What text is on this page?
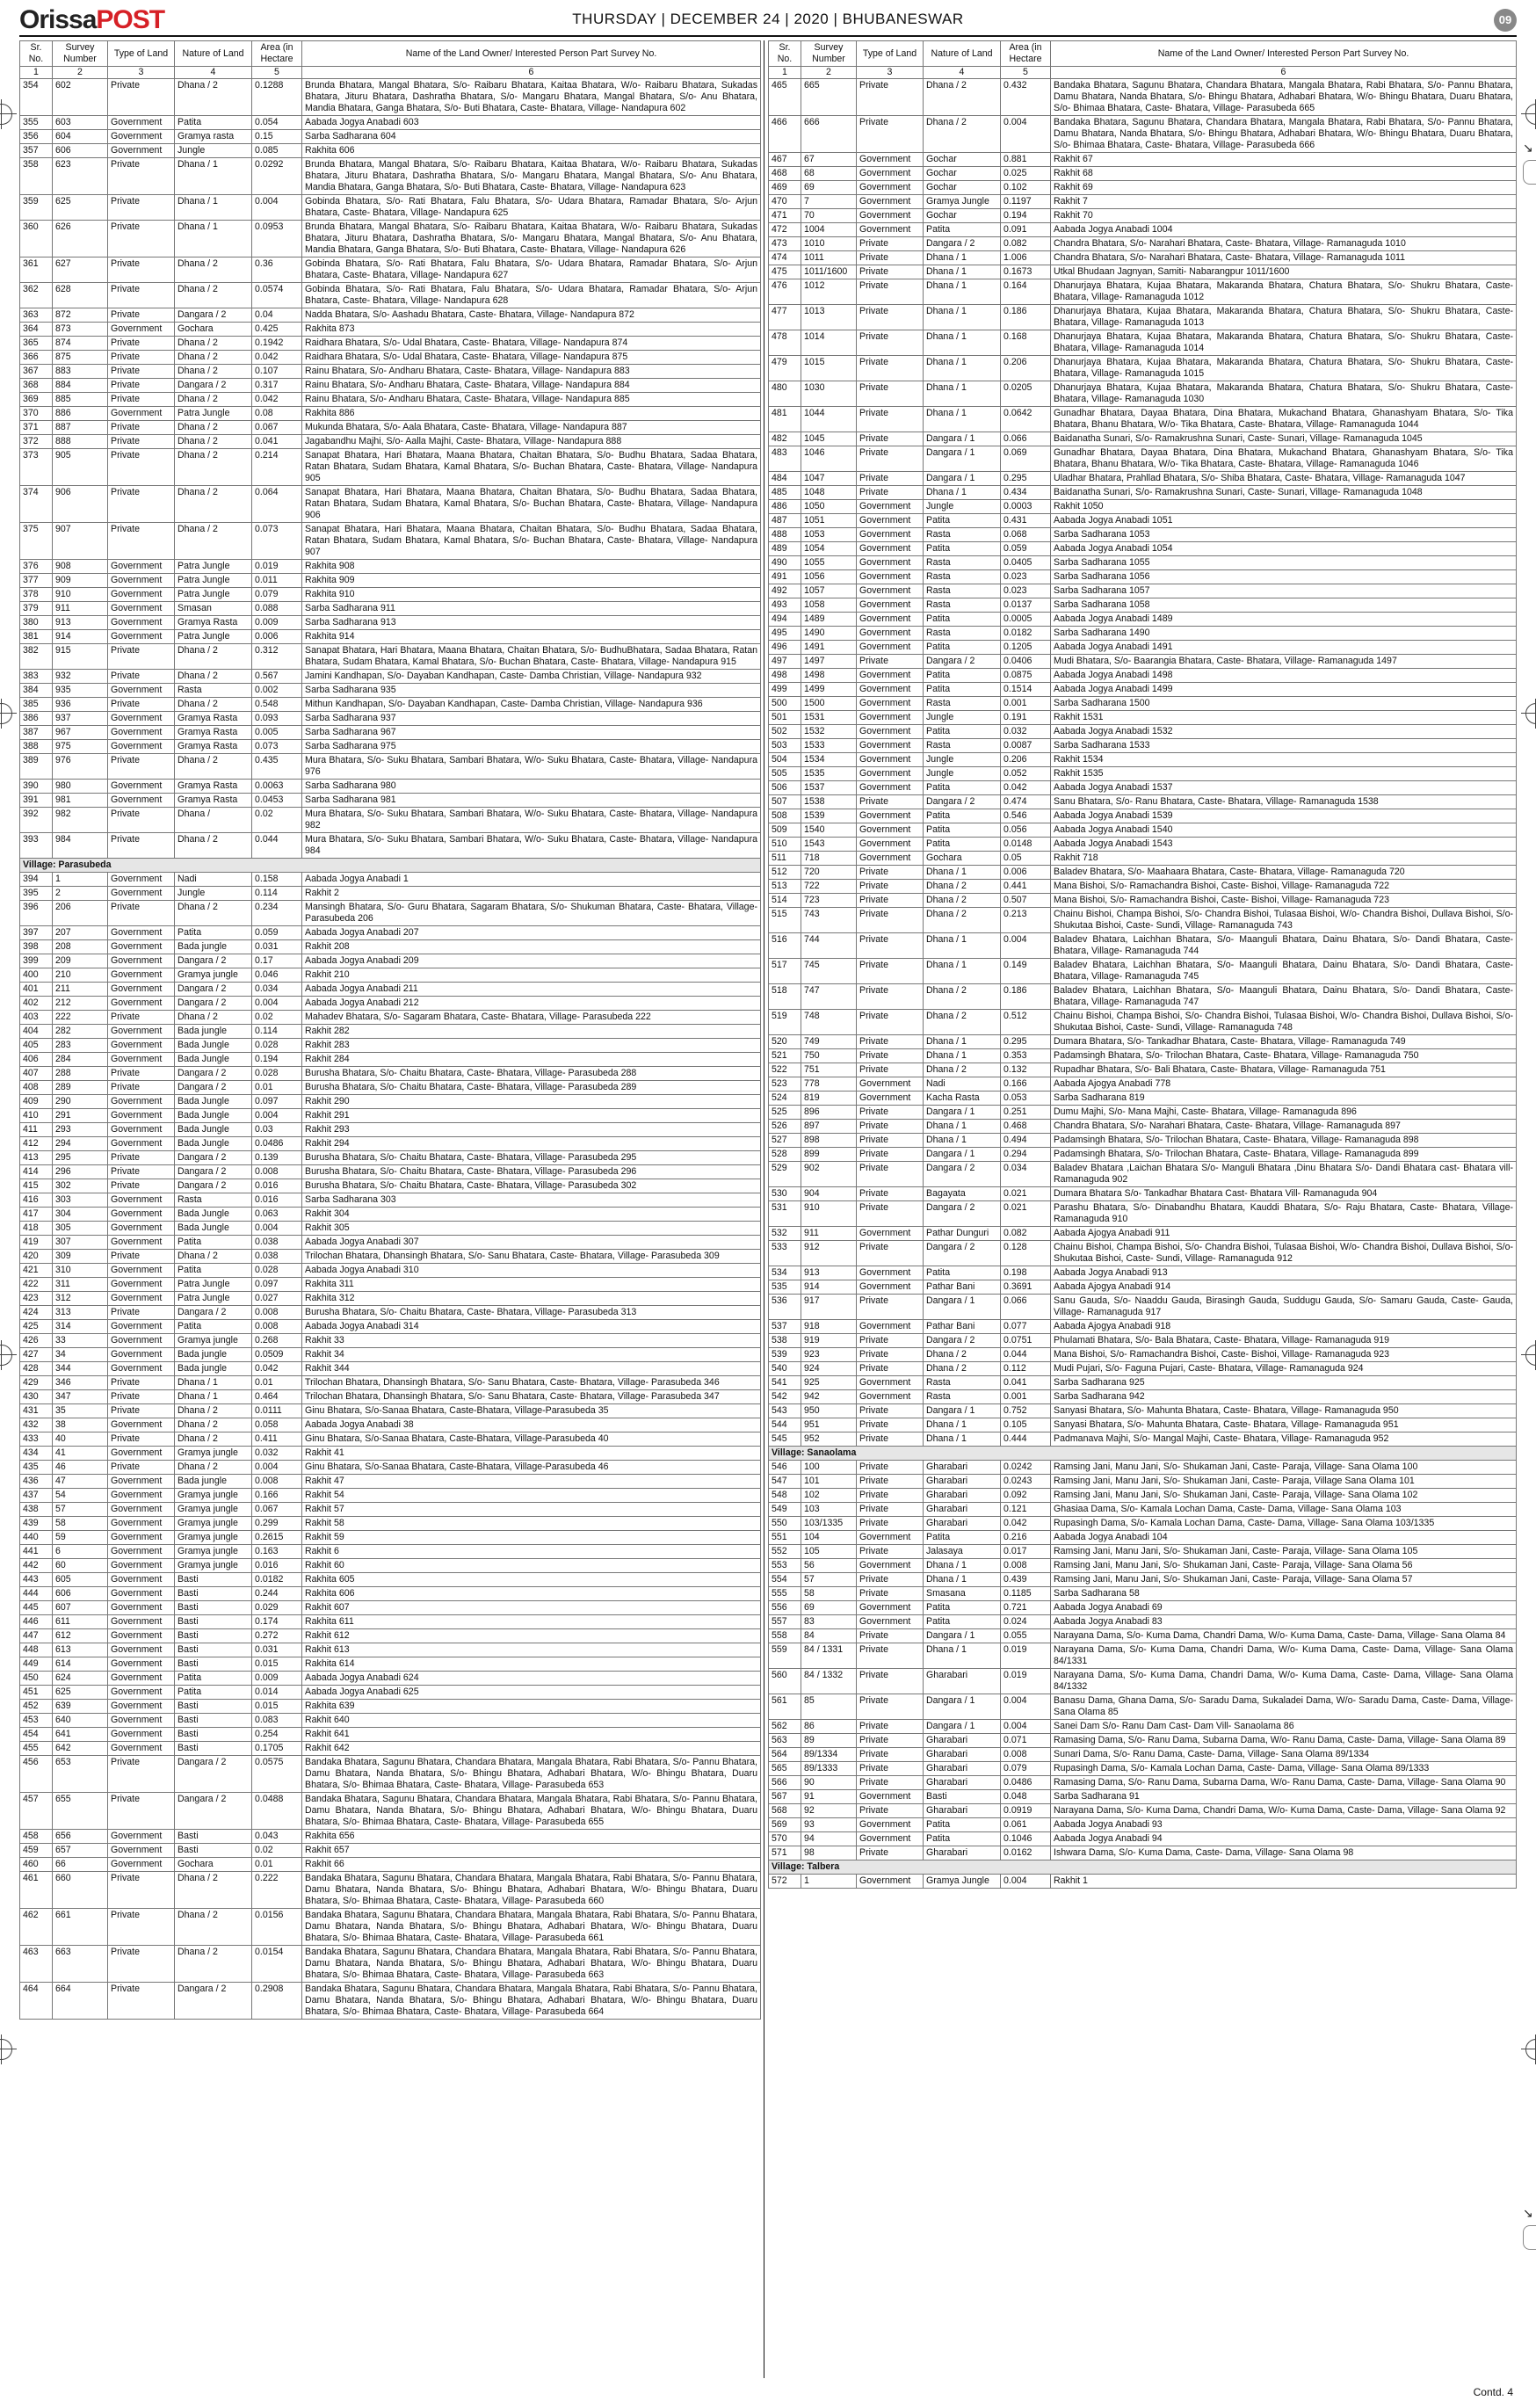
OrissaPOST	THURSDAY | DECEMBER 24 | 2020 | BHUBANESWAR	09
Sr. No.	Survey Number	Type of Land	Nature of Land	Area (in Hectare	Name of the Land Owner/ Interested Person Part Survey No.
1	2	3	4	5	6
354	602	Private	Dhana / 2	0.1288	Brunda Bhatara, Mangal Bhatara, S/o- Raibaru Bhatara, Kaitaa Bhatara, W/o- Raibaru Bhatara, Sukadas Bhatara, Jituru Bhatara, Dashratha Bhatara, S/o- Mangaru Bhatara, Mangal Bhatara, S/o- Anu Bhatara, Mandia Bhatara, Ganga Bhatara, S/o- Buti Bhatara, Caste- Bhatara, Village- Nandapura 602
355	603	Government	Patita	0.054	Aabada Jogya Anabadi 603
356	604	Government	Gramya rasta	0.15	Sarba Sadharana 604
357	606	Government	Jungle	0.085	Rakhita 606
358	623	Private	Dhana / 1	0.0292	Brunda Bhatara, Mangal Bhatara, S/o- Raibaru Bhatara, Kaitaa Bhatara, W/o- Raibaru Bhatara, Sukadas Bhatara, Jituru Bhatara, Dashratha Bhatara, S/o- Mangaru Bhatara, Mangal Bhatara, S/o- Anu Bhatara, Mandia Bhatara, Ganga Bhatara, S/o- Buti Bhatara, Caste- Bhatara, Village- Nandapura 623
359	625	Private	Dhana / 1	0.004	Gobinda Bhatara, S/o- Rati Bhatara, Falu Bhatara, S/o- Udara Bhatara, Ramadar Bhatara, S/o- Arjun Bhatara, Caste- Bhatara, Village- Nandapura 625
360	626	Private	Dhana / 1	0.0953	Brunda Bhatara, Mangal Bhatara, S/o- Raibaru Bhatara, Kaitaa Bhatara, W/o- Raibaru Bhatara, Sukadas Bhatara, Jituru Bhatara, Dashratha Bhatara, S/o- Mangaru Bhatara, Mangal Bhatara, S/o- Anu Bhatara, Mandia Bhatara, Ganga Bhatara, S/o- Buti Bhatara, Caste- Bhatara, Village- Nandapura 626
361	627	Private	Dhana / 2	0.36	Gobinda Bhatara, S/o- Rati Bhatara, Falu Bhatara, S/o- Udara Bhatara, Ramadar Bhatara, S/o- Arjun Bhatara, Caste- Bhatara, Village- Nandapura 627
362	628	Private	Dhana / 2	0.0574	Gobinda Bhatara, S/o- Rati Bhatara, Falu Bhatara, S/o- Udara Bhatara, Ramadar Bhatara, S/o- Arjun Bhatara, Caste- Bhatara, Village- Nandapura 628
363	872	Private	Dangara / 2	0.04	Nadda Bhatara, S/o- Aashadu Bhatara, Caste- Bhatara, Village- Nandapura 872
364	873	Government	Gochara	0.425	Rakhita 873
365	874	Private	Dhana / 2	0.1942	Raidhara Bhatara, S/o- Udal Bhatara, Caste- Bhatara, Village- Nandapura 874
366	875	Private	Dhana / 2	0.042	Raidhara Bhatara, S/o- Udal Bhatara, Caste- Bhatara, Village- Nandapura 875
367	883	Private	Dhana / 2	0.107	Rainu Bhatara, S/o- Andharu Bhatara, Caste- Bhatara, Village- Nandapura 883
368	884	Private	Dangara / 2	0.317	Rainu Bhatara, S/o- Andharu Bhatara, Caste- Bhatara, Village- Nandapura 884
369	885	Private	Dhana / 2	0.042	Rainu Bhatara, S/o- Andharu Bhatara, Caste- Bhatara, Village- Nandapura 885
370	886	Government	Patra Jungle	0.08	Rakhita 886
371	887	Private	Dhana / 2	0.067	Mukunda Bhatara, S/o- Aala Bhatara, Caste- Bhatara, Village- Nandapura 887
372	888	Private	Dhana / 2	0.041	Jagabandhu Majhi, S/o- Aalla Majhi, Caste- Bhatara, Village- Nandapura 888
373	905	Private	Dhana / 2	0.214	Sanapat Bhatara, Hari Bhatara, Maana Bhatara, Chaitan Bhatara, S/o- Budhu Bhatara, Sadaa Bhatara, Ratan Bhatara, Sudam Bhatara, Kamal Bhatara, S/o- Buchan Bhatara, Caste- Bhatara, Village- Nandapura 905
374	906	Private	Dhana / 2	0.064	Sanapat Bhatara, Hari Bhatara, Maana Bhatara, Chaitan Bhatara, S/o- Budhu Bhatara, Sadaa Bhatara, Ratan Bhatara, Sudam Bhatara, Kamal Bhatara, S/o- Buchan Bhatara, Caste- Bhatara, Village- Nandapura 906
375	907	Private	Dhana / 2	0.073	Sanapat Bhatara, Hari Bhatara, Maana Bhatara, Chaitan Bhatara, S/o- Budhu Bhatara, Sadaa Bhatara, Ratan Bhatara, Sudam Bhatara, Kamal Bhatara, S/o- Buchan Bhatara, Caste- Bhatara, Village- Nandapura 907
376	908	Government	Patra Jungle	0.019	Rakhita 908
377	909	Government	Patra Jungle	0.011	Rakhita 909
378	910	Government	Patra Jungle	0.079	Rakhita 910
379	911	Government	Smasan	0.088	Sarba Sadharana 911
380	913	Government	Gramya Rasta	0.009	Sarba Sadharana 913
381	914	Government	Patra Jungle	0.006	Rakhita 914
382	915	Private	Dhana / 2	0.312	Sanapat Bhatara, Hari Bhatara, Maana Bhatara, Chaitan Bhatara, S/o- BudhuBhatara, Sadaa Bhatara, Ratan Bhatara, Sudam Bhatara, Kamal Bhatara, S/o- Buchan Bhatara, Caste- Bhatara, Village- Nandapura 915
383	932	Private	Dhana / 2	0.567	Jamini Kandhapan, S/o- Dayaban Kandhapan, Caste- Damba Christian, Village- Nandapura 932
384	935	Government	Rasta	0.002	Sarba Sadharana 935
385	936	Private	Dhana / 2	0.548	Mithun Kandhapan, S/o- Dayaban Kandhapan, Caste- Damba Christian, Village- Nandapura 936
386	937	Government	Gramya Rasta	0.093	Sarba Sadharana 937
387	967	Government	Gramya Rasta	0.005	Sarba Sadharana 967
388	975	Government	Gramya Rasta	0.073	Sarba Sadharana 975
389	976	Private	Dhana / 2	0.435	Mura Bhatara, S/o- Suku Bhatara, Sambari Bhatara, W/o- Suku Bhatara, Caste- Bhatara, Village- Nandapura 976
390	980	Government	Gramya Rasta	0.0063	Sarba Sadharana 980
391	981	Government	Gramya Rasta	0.0453	Sarba Sadharana 981
392	982	Private	Dhana /	0.02	Mura Bhatara, S/o- Suku Bhatara, Sambari Bhatara, W/o- Suku Bhatara, Caste- Bhatara, Village- Nandapura 982
393	984	Private	Dhana / 2	0.044	Mura Bhatara, S/o- Suku Bhatara, Sambari Bhatara, W/o- Suku Bhatara, Caste- Bhatara, Village- Nandapura 984
Village: Parasubeda					
394	1	Government	Nadi	0.158	Aabada Jogya Anabadi 1
395	2	Government	Jungle	0.114	Rakhit 2
396	206	Private	Dhana / 2	0.234	Mansingh Bhatara, S/o- Guru Bhatara, Sagaram Bhatara, S/o- Shukuman Bhatara, Caste- Bhatara, Village- Parasubeda 206
397	207	Government	Patita	0.059	Aabada Jogya Anabadi 207
398	208	Government	Bada jungle	0.031	Rakhit 208
399	209	Government	Dangara / 2	0.17	Aabada Jogya Anabadi 209
400	210	Government	Gramya jungle	0.046	Rakhit 210
401	211	Government	Dangara / 2	0.034	Aabada Jogya Anabadi 211
402	212	Government	Dangara / 2	0.004	Aabada Jogya Anabadi 212
403	222	Private	Dhana / 2	0.02	Mahadev Bhatara, S/o- Sagaram Bhatara, Caste- Bhatara, Village- Parasubeda 222
404	282	Government	Bada jungle	0.114	Rakhit 282
405	283	Government	Bada Jungle	0.028	Rakhit 283
406	284	Government	Bada Jungle	0.194	Rakhit 284
407	288	Private	Dangara / 2	0.028	Burusha Bhatara, S/o- Chaitu Bhatara, Caste- Bhatara, Village- Parasubeda 288
408	289	Private	Dangara / 2	0.01	Burusha Bhatara, S/o- Chaitu Bhatara, Caste- Bhatara, Village- Parasubeda 289
409	290	Government	Bada Jungle	0.097	Rakhit 290
410	291	Government	Bada Jungle	0.004	Rakhit 291
411	293	Government	Bada Jungle	0.03	Rakhit 293
412	294	Government	Bada Jungle	0.0486	Rakhit 294
413	295	Private	Dangara / 2	0.139	Burusha Bhatara, S/o- Chaitu Bhatara, Caste- Bhatara, Village- Parasubeda 295
414	296	Private	Dangara / 2	0.008	Burusha Bhatara, S/o- Chaitu Bhatara, Caste- Bhatara, Village- Parasubeda 296
415	302	Private	Dangara / 2	0.016	Burusha Bhatara, S/o- Chaitu Bhatara, Caste- Bhatara, Village- Parasubeda 302
416	303	Government	Rasta	0.016	Sarba Sadharana 303
417	304	Government	Bada Jungle	0.063	Rakhit 304
418	305	Government	Bada Jungle	0.004	Rakhit 305
419	307	Government	Patita	0.038	Aabada Jogya Anabadi 307
420	309	Private	Dhana / 2	0.038	Trilochan Bhatara, Dhansingh Bhatara, S/o- Sanu Bhatara, Caste- Bhatara, Village- Parasubeda 309
421	310	Government	Patita	0.028	Aabada Jogya Anabadi 310
422	311	Government	Patra Jungle	0.097	Rakhita 311
423	312	Government	Patra Jungle	0.027	Rakhita 312
424	313	Private	Dangara / 2	0.008	Burusha Bhatara, S/o- Chaitu Bhatara, Caste- Bhatara, Village- Parasubeda 313
425	314	Government	Patita	0.008	Aabada Jogya Anabadi 314
426	33	Government	Gramya jungle	0.268	Rakhit 33
427	34	Government	Bada jungle	0.0509	Rakhit 34
428	344	Government	Bada jungle	0.042	Rakhit 344
429	346	Private	Dhana / 1	0.01	Trilochan Bhatara, Dhansingh Bhatara, S/o- Sanu Bhatara, Caste- Bhatara, Village- Parasubeda 346
430	347	Private	Dhana / 1	0.464	Trilochan Bhatara, Dhansingh Bhatara, S/o- Sanu Bhatara, Caste- Bhatara, Village- Parasubeda 347
431	35	Private	Dhana / 2	0.0111	Ginu Bhatara, S/o-Sanaa Bhatara, Caste-Bhatara, Village-Parasubeda 35
432	38	Government	Dhana / 2	0.058	Aabada Jogya Anabadi 38
433	40	Private	Dhana / 2	0.411	Ginu Bhatara, S/o-Sanaa Bhatara, Caste-Bhatara, Village-Parasubeda 40
434	41	Government	Gramya jungle	0.032	Rakhit 41
435	46	Private	Dhana / 2	0.004	Ginu Bhatara, S/o-Sanaa Bhatara, Caste-Bhatara, Village-Parasubeda 46
436	47	Government	Bada jungle	0.008	Rakhit 47
437	54	Government	Gramya jungle	0.166	Rakhit 54
438	57	Government	Gramya jungle	0.067	Rakhit 57
439	58	Government	Gramya jungle	0.299	Rakhit 58
440	59	Government	Gramya jungle	0.2615	Rakhit 59
441	6	Government	Gramya jungle	0.163	Rakhit 6
442	60	Government	Gramya jungle	0.016	Rakhit 60
443	605	Government	Basti	0.0182	Rakhita 605
444	606	Government	Basti	0.244	Rakhita 606
445	607	Government	Basti	0.029	Rakhit 607
446	611	Government	Basti	0.174	Rakhita 611
447	612	Government	Basti	0.272	Rakhit 612
448	613	Government	Basti	0.031	Rakhit 613
449	614	Government	Basti	0.015	Rakhita 614
450	624	Government	Patita	0.009	Aabada Jogya Anabadi 624
451	625	Government	Patita	0.014	Aabada Jogya Anabadi 625
452	639	Government	Basti	0.015	Rakhita 639
453	640	Government	Basti	0.083	Rakhit 640
454	641	Government	Basti	0.254	Rakhit 641
455	642	Government	Basti	0.1705	Rakhit 642
456	653	Private	Dangara / 2	0.0575	Bandaka Bhatara, Sagunu Bhatara, Chandara Bhatara, Mangala Bhatara, Rabi Bhatara, S/o- Pannu Bhatara, Damu Bhatara, Nanda Bhatara, S/o- Bhingu Bhatara, Adhabari Bhatara, W/o- Bhingu Bhatara, Duaru Bhatara, S/o- Bhimaa Bhatara, Caste- Bhatara, Village- Parasubeda 653
457	655	Private	Dangara / 2	0.0488	Bandaka Bhatara, Sagunu Bhatara, Chandara Bhatara, Mangala Bhatara, Rabi Bhatara, S/o- Pannu Bhatara, Damu Bhatara, Nanda Bhatara, S/o- Bhingu Bhatara, Adhabari Bhatara, W/o- Bhingu Bhatara, Duaru Bhatara, S/o- Bhimaa Bhatara, Caste- Bhatara, Village- Parasubeda 655
458	656	Government	Basti	0.043	Rakhita 656
459	657	Government	Basti	0.02	Rakhit 657
460	66	Government	Gochara	0.01	Rakhit 66
461	660	Private	Dhana / 2	0.222	Bandaka Bhatara, Sagunu Bhatara, Chandara Bhatara, Mangala Bhatara, Rabi Bhatara, S/o- Pannu Bhatara, Damu Bhatara, Nanda Bhatara, S/o- Bhingu Bhatara, Adhabari Bhatara, W/o- Bhingu Bhatara, Duaru Bhatara, S/o- Bhimaa Bhatara, Caste- Bhatara, Village- Parasubeda 660
462	661	Private	Dhana / 2	0.0156	Bandaka Bhatara, Sagunu Bhatara, Chandara Bhatara, Mangala Bhatara, Rabi Bhatara, S/o- Pannu Bhatara, Damu Bhatara, Nanda Bhatara, S/o- Bhingu Bhatara, Adhabari Bhatara, W/o- Bhingu Bhatara, Duaru Bhatara, S/o- Bhimaa Bhatara, Caste- Bhatara, Village- Parasubeda 661
463	663	Private	Dhana / 2	0.0154	Bandaka Bhatara, Sagunu Bhatara, Chandara Bhatara, Mangala Bhatara, Rabi Bhatara, S/o- Pannu Bhatara, Damu Bhatara, Nanda Bhatara, S/o- Bhingu Bhatara, Adhabari Bhatara, W/o- Bhingu Bhatara, Duaru Bhatara, S/o- Bhimaa Bhatara, Caste- Bhatara, Village- Parasubeda 663
464	664	Private	Dangara / 2	0.2908	Bandaka Bhatara, Sagunu Bhatara, Chandara Bhatara, Mangala Bhatara, Rabi Bhatara, S/o- Pannu Bhatara, Damu Bhatara, Nanda Bhatara, S/o- Bhingu Bhatara, Adhabari Bhatara, W/o- Bhingu Bhatara, Duaru Bhatara, S/o- Bhimaa Bhatara, Caste- Bhatara, Village- Parasubeda 664
Sr. No.	Survey Number	Type of Land	Nature of Land	Area (in Hectare	Name of the Land Owner/ Interested Person Part Survey No.
1	2	3	4	5	6
465	665	Private	Dhana / 2	0.432	Bandaka Bhatara, Sagunu Bhatara, Chandara Bhatara, Mangala Bhatara, Rabi Bhatara, S/o- Pannu Bhatara, Damu Bhatara, Nanda Bhatara, S/o- Bhingu Bhatara, Adhabari Bhatara, W/o- Bhingu Bhatara, Duaru Bhatara, S/o- Bhimaa Bhatara, Caste- Bhatara, Village- Parasubeda 665
466	666	Private	Dhana / 2	0.004	Bandaka Bhatara, Sagunu Bhatara, Chandara Bhatara, Mangala Bhatara, Rabi Bhatara, S/o- Pannu Bhatara, Damu Bhatara, Nanda Bhatara, S/o- Bhingu Bhatara, Adhabari Bhatara, W/o- Bhingu Bhatara, Duaru Bhatara, S/o- Bhimaa Bhatara, Caste- Bhatara, Village- Parasubeda 666
467	67	Government	Gochar	0.881	Rakhit 67
468	68	Government	Gochar	0.025	Rakhit 68
469	69	Government	Gochar	0.102	Rakhit 69
470	7	Government	Gramya Jungle	0.1197	Rakhit 7
471	70	Government	Gochar	0.194	Rakhit 70
472	1004	Government	Patita	0.091	Aabada Jogya Anabadi 1004
473	1010	Private	Dangara / 2	0.082	Chandra Bhatara, S/o- Narahari Bhatara, Caste- Bhatara, Village- Ramanaguda 1010
474	1011	Private	Dhana / 1	1.006	Chandra Bhatara, S/o- Narahari Bhatara, Caste- Bhatara, Village- Ramanaguda 1011
475	1011/1600	Private	Dhana / 1	0.1673	Utkal Bhudaan Jagnyan, Samiti- Nabarangpur 1011/1600
476	1012	Private	Dhana / 1	0.164	Dhanurjaya Bhatara, Kujaa Bhatara, Makaranda Bhatara, Chatura Bhatara, S/o- Shukru Bhatara, Caste- Bhatara, Village- Ramanaguda 1012
477	1013	Private	Dhana / 1	0.186	Dhanurjaya Bhatara, Kujaa Bhatara, Makaranda Bhatara, Chatura Bhatara, S/o- Shukru Bhatara, Caste- Bhatara, Village- Ramanaguda 1013
478	1014	Private	Dhana / 1	0.168	Dhanurjaya Bhatara, Kujaa Bhatara, Makaranda Bhatara, Chatura Bhatara, S/o- Shukru Bhatara, Caste- Bhatara, Village- Ramanaguda 1014
479	1015	Private	Dhana / 1	0.206	Dhanurjaya Bhatara, Kujaa Bhatara, Makaranda Bhatara, Chatura Bhatara, S/o- Shukru Bhatara, Caste- Bhatara, Village- Ramanaguda 1015
480	1030	Private	Dhana / 1	0.0205	Dhanurjaya Bhatara, Kujaa Bhatara, Makaranda Bhatara, Chatura Bhatara, S/o- Shukru Bhatara, Caste- Bhatara, Village- Ramanaguda 1030
481	1044	Private	Dhana / 1	0.0642	Gunadhar Bhatara, Dayaa Bhatara, Dina Bhatara, Mukachand Bhatara, Ghanashyam Bhatara, S/o- Tika Bhatara, Bhanu Bhatara, W/o- Tika Bhatara, Caste- Bhatara, Village- Ramanaguda 1044
482	1045	Private	Dangara / 1	0.066	Baidanatha Sunari, S/o- Ramakrushna Sunari, Caste- Sunari, Village- Ramanaguda 1045
483	1046	Private	Dangara / 1	0.069	Gunadhar Bhatara, Dayaa Bhatara, Dina Bhatara, Mukachand Bhatara, Ghanashyam Bhatara, S/o- Tika Bhatara, Bhanu Bhatara, W/o- Tika Bhatara, Caste- Bhatara, Village- Ramanaguda 1046
484	1047	Private	Dangara / 1	0.295	Uladhar Bhatara, Prahllad Bhatara, S/o- Shiba Bhatara, Caste- Bhatara, Village- Ramanaguda 1047
485	1048	Private	Dhana / 1	0.434	Baidanatha Sunari, S/o- Ramakrushna Sunari, Caste- Sunari, Village- Ramanaguda 1048
486	1050	Government	Jungle	0.0003	Rakhit 1050
487	1051	Government	Patita	0.431	Aabada Jogya Anabadi 1051
488	1053	Government	Rasta	0.068	Sarba Sadharana 1053
489	1054	Government	Patita	0.059	Aabada Jogya Anabadi 1054
490	1055	Government	Rasta	0.0405	Sarba Sadharana 1055
491	1056	Government	Rasta	0.023	Sarba Sadharana 1056
492	1057	Government	Rasta	0.023	Sarba Sadharana 1057
493	1058	Government	Rasta	0.0137	Sarba Sadharana 1058
494	1489	Government	Patita	0.0005	Aabada Jogya Anabadi 1489
495	1490	Government	Rasta	0.0182	Sarba Sadharana 1490
496	1491	Government	Patita	0.1205	Aabada Jogya Anabadi 1491
497	1497	Private	Dangara / 2	0.0406	Mudi Bhatara, S/o- Baarangia Bhatara, Caste- Bhatara, Village- Ramanaguda 1497
498	1498	Government	Patita	0.0875	Aabada Jogya Anabadi 1498
499	1499	Government	Patita	0.1514	Aabada Jogya Anabadi 1499
500	1500	Government	Rasta	0.001	Sarba Sadharana 1500
501	1531	Government	Jungle	0.191	Rakhit 1531
502	1532	Government	Patita	0.032	Aabada Jogya Anabadi 1532
503	1533	Government	Rasta	0.0087	Sarba Sadharana 1533
504	1534	Government	Jungle	0.206	Rakhit 1534
505	1535	Government	Jungle	0.052	Rakhit 1535
506	1537	Government	Patita	0.042	Aabada Jogya Anabadi 1537
507	1538	Private	Dangara / 2	0.474	Sanu Bhatara, S/o- Ranu Bhatara, Caste- Bhatara, Village- Ramanaguda 1538
508	1539	Government	Patita	0.546	Aabada Jogya Anabadi 1539
509	1540	Government	Patita	0.056	Aabada Jogya Anabadi 1540
510	1543	Government	Patita	0.0148	Aabada Jogya Anabadi 1543
511	718	Government	Gochara	0.05	Rakhit 718
512	720	Private	Dhana / 1	0.006	Baladev Bhatara, S/o- Maahaara Bhatara, Caste- Bhatara, Village- Ramanaguda 720
513	722	Private	Dhana / 2	0.441	Mana Bishoi, S/o- Ramachandra Bishoi, Caste- Bishoi, Village- Ramanaguda 722
514	723	Private	Dhana / 2	0.507	Mana Bishoi, S/o- Ramachandra Bishoi, Caste- Bishoi, Village- Ramanaguda 723
515	743	Private	Dhana / 2	0.213	Chainu Bishoi, Champa Bishoi, S/o- Chandra Bishoi, Tulasaa Bishoi, W/o- Chandra Bishoi, Dullava Bishoi, S/o- Shukutaa Bishoi, Caste- Sundi, Village- Ramanaguda 743
516	744	Private	Dhana / 1	0.004	Baladev Bhatara, Laichhan Bhatara, S/o- Maanguli Bhatara, Dainu Bhatara, S/o- Dandi Bhatara, Caste- Bhatara, Village- Ramanaguda 744
517	745	Private	Dhana / 1	0.149	Baladev Bhatara, Laichhan Bhatara, S/o- Maanguli Bhatara, Dainu Bhatara, S/o- Dandi Bhatara, Caste- Bhatara, Village- Ramanaguda 745
518	747	Private	Dhana / 2	0.186	Baladev Bhatara, Laichhan Bhatara, S/o- Maanguli Bhatara, Dainu Bhatara, S/o- Dandi Bhatara, Caste- Bhatara, Village- Ramanaguda 747
519	748	Private	Dhana / 2	0.512	Chainu Bishoi, Champa Bishoi, S/o- Chandra Bishoi, Tulasaa Bishoi, W/o- Chandra Bishoi, Dullava Bishoi, S/o- Shukutaa Bishoi, Caste- Sundi, Village- Ramanaguda 748
520	749	Private	Dhana / 1	0.295	Dumara Bhatara, S/o- Tankadhar Bhatara, Caste- Bhatara, Village- Ramanaguda 749
521	750	Private	Dhana / 1	0.353	Padamsingh Bhatara, S/o- Trilochan Bhatara, Caste- Bhatara, Village- Ramanaguda 750
522	751	Private	Dhana / 2	0.132	Rupadhar Bhatara, S/o- Bali Bhatara, Caste- Bhatara, Village- Ramanaguda 751
523	778	Government	Nadi	0.166	Aabada Ajogya Anabadi 778
524	819	Government	Kacha Rasta	0.053	Sarba Sadharana 819
525	896	Private	Dangara / 1	0.251	Dumu Majhi, S/o- Mana Majhi, Caste- Bhatara, Village- Ramanaguda 896
526	897	Private	Dhana / 1	0.468	Chandra Bhatara, S/o- Narahari Bhatara, Caste- Bhatara, Village- Ramanaguda 897
527	898	Private	Dhana / 1	0.494	Padamsingh Bhatara, S/o- Trilochan Bhatara, Caste- Bhatara, Village- Ramanaguda 898
528	899	Private	Dangara / 1	0.294	Padamsingh Bhatara, S/o- Trilochan Bhatara, Caste- Bhatara, Village- Ramanaguda 899
529	902	Private	Dangara / 2	0.034	Baladev Bhatara ,Laichan Bhatara S/o- Manguli Bhatara ,Dinu Bhatara S/o- Dandi Bhatara cast- Bhatara vill- Ramanaguda 902
530	904	Private	Bagayata	0.021	Dumara Bhatara S/o- Tankadhar Bhatara Cast- Bhatara Vill- Ramanaguda 904
531	910	Private	Dangara / 2	0.021	Parashu Bhatara, S/o- Dinabandhu Bhatara, Kauddi Bhatara, S/o- Raju Bhatara, Caste- Bhatara, Village- Ramanaguda 910
532	911	Government	Pathar Dunguri	0.082	Aabada Ajogya Anabadi 911
533	912	Private	Dangara / 2	0.128	Chainu Bishoi, Champa Bishoi, S/o- Chandra Bishoi, Tulasaa Bishoi, W/o- Chandra Bishoi, Dullava Bishoi, S/o- Shukutaa Bishoi, Caste- Sundi, Village- Ramanaguda 912
534	913	Government	Patita	0.198	Aabada Jogya Anabadi 913
535	914	Government	Pathar Bani	0.3691	Aabada Ajogya Anabadi 914
536	917	Private	Dangara / 1	0.066	Sanu Gauda, S/o- Naaddu Gauda, Birasingh Gauda, Suddugu Gauda, S/o- Samaru Gauda, Caste- Gauda, Village- Ramanaguda 917
537	918	Government	Pathar Bani	0.077	Aabada Ajogya Anabadi 918
538	919	Private	Dangara / 2	0.0751	Phulamati Bhatara, S/o- Bala Bhatara, Caste- Bhatara, Village- Ramanaguda 919
539	923	Private	Dhana / 2	0.044	Mana Bishoi, S/o- Ramachandra Bishoi, Caste- Bishoi, Village- Ramanaguda 923
540	924	Private	Dhana / 2	0.112	Mudi Pujari, S/o- Faguna Pujari, Caste- Bhatara, Village- Ramanaguda 924
541	925	Government	Rasta	0.041	Sarba Sadharana 925
542	942	Government	Rasta	0.001	Sarba Sadharana 942
543	950	Private	Dangara / 1	0.752	Sanyasi Bhatara, S/o- Mahunta Bhatara, Caste- Bhatara, Village- Ramanaguda 950
544	951	Private	Dhana / 1	0.105	Sanyasi Bhatara, S/o- Mahunta Bhatara, Caste- Bhatara, Village- Ramanaguda 951
545	952	Private	Dhana / 1	0.444	Padmanava Majhi, S/o- Mangal Majhi, Caste- Bhatara, Village- Ramanaguda 952
Village: Sanaolama					
546	100	Private	Gharabari	0.0242	Ramsing Jani, Manu Jani, S/o- Shukaman Jani, Caste- Paraja, Village- Sana Olama 100
547	101	Private	Gharabari	0.0243	Ramsing Jani, Manu Jani, S/o- Shukaman Jani, Caste- Paraja, Village Sana Olama 101
548	102	Private	Gharabari	0.092	Ramsing Jani, Manu Jani, S/o- Shukaman Jani, Caste- Paraja, Village- Sana Olama 102
549	103	Private	Gharabari	0.121	Ghasiaa Dama, S/o- Kamala Lochan Dama, Caste- Dama, Village- Sana Olama 103
550	103/1335	Private	Gharabari	0.042	Rupasingh Dama, S/o- Kamala Lochan Dama, Caste- Dama, Village- Sana Olama 103/1335
551	104	Government	Patita	0.216	Aabada Jogya Anabadi 104
552	105	Private	Jalasaya	0.017	Ramsing Jani, Manu Jani, S/o- Shukaman Jani, Caste- Paraja, Village- Sana Olama 105
553	56	Government	Dhana / 1	0.008	Ramsing Jani, Manu Jani, S/o- Shukaman Jani, Caste- Paraja, Village- Sana Olama 56
554	57	Private	Dhana / 1	0.439	Ramsing Jani, Manu Jani, S/o- Shukaman Jani, Caste- Paraja, Village- Sana Olama 57
555	58	Private	Smasana	0.1185	Sarba Sadharana 58
556	69	Government	Patita	0.721	Aabada Jogya Anabadi 69
557	83	Government	Patita	0.024	Aabada Jogya Anabadi 83
558	84	Private	Dangara / 1	0.055	Narayana Dama, S/o- Kuma Dama, Chandri Dama, W/o- Kuma Dama, Caste- Dama, Village- Sana Olama 84
559	84 / 1331	Private	Dhana / 1	0.019	Narayana Dama, S/o- Kuma Dama, Chandri Dama, W/o- Kuma Dama, Caste- Dama, Village- Sana Olama 84/1331
560	84 / 1332	Private	Gharabari	0.019	Narayana Dama, S/o- Kuma Dama, Chandri Dama, W/o- Kuma Dama, Caste- Dama, Village- Sana Olama 84/1332
561	85	Private	Dangara / 1	0.004	Banasu Dama, Ghana Dama, S/o- Saradu Dama, Sukaladei Dama, W/o- Saradu Dama, Caste- Dama, Village- Sana Olama 85
562	86	Private	Dangara / 1	0.004	Sanei Dam S/o- Ranu Dam Cast- Dam Vill- Sanaolama 86
563	89	Private	Gharabari	0.071	Ramasing Dama, S/o- Ranu Dama, Subarna Dama, W/o- Ranu Dama, Caste- Dama, Village- Sana Olama 89
564	89/1334	Private	Gharabari	0.008	Sunari Dama, S/o- Ranu Dama, Caste- Dama, Village- Sana Olama 89/1334
565	89/1333	Private	Gharabari	0.079	Rupasingh Dama, S/o- Kamala Lochan Dama, Caste- Dama, Village- Sana Olama 89/1333
566	90	Private	Gharabari	0.0486	Ramasing Dama, S/o- Ranu Dama, Subarna Dama, W/o- Ranu Dama, Caste- Dama, Village- Sana Olama 90
567	91	Government	Basti	0.048	Sarba Sadharana 91
568	92	Private	Gharabari	0.0919	Narayana Dama, S/o- Kuma Dama, Chandri Dama, W/o- Kuma Dama, Caste- Dama, Village- Sana Olama 92
569	93	Government	Patita	0.061	Aabada Jogya Anabadi 93
570	94	Government	Patita	0.1046	Aabada Jogya Anabadi 94
571	98	Private	Gharabari	0.0162	Ishwara Dama, S/o- Kuma Dama, Caste- Dama, Village- Sana Olama 98
Village: Talbera					
572	1	Government	Gramya Jungle	0.004	Rakhit 1
↘
↘
Contd. 4
